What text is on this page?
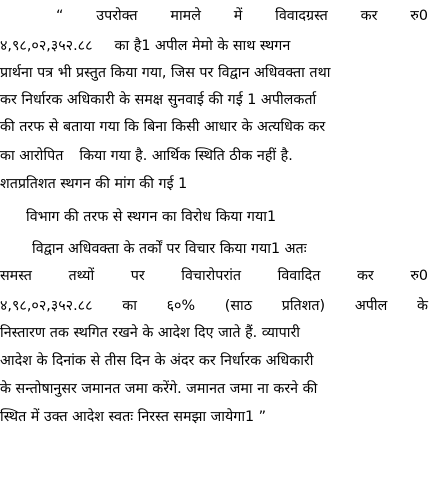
“ उपरोक्त मामले में विवादग्रस्त कर रु0
४,९८,०२,३५२.८८ का है1 अपील मेमो के साथ स्थगन
प्रार्थना पत्र भी प्रस्तुत किया गया, जिस पर विद्वान अधिवक्ता तथा
कर निर्धारक अधिकारी के समक्ष सुनवाई की गई 1 अपीलकर्ता
की तरफ से बताया गया कि बिना किसी आधार के अत्यधिक कर
का आरोपित किया गया है. आर्थिक स्थिति ठीक नहीं है.
शतप्रतिशत स्थगन की मांग की गई 1
विभाग की तरफ से स्थगन का विरोध किया गया1
विद्वान अधिवक्ता के तर्कों पर विचार किया गया1 अतः
समस्त	तथ्यों	पर	विचारोपरांत	विवादित	कर	रु0
४,९८,०२,३५२.८८ का ६०% (साठ प्रतिशत) अपील के
निस्तारण तक स्थगित रखने के आदेश दिए जाते हैं. व्यापारी
आदेश के दिनांक से तीस दिन के अंदर कर निर्धारक अधिकारी
के सन्तोषानुसर जमानत जमा करेंगे. जमानत जमा ना करने की
स्थित में उक्त आदेश स्वतः निरस्त समझा जायेगा1 ”
